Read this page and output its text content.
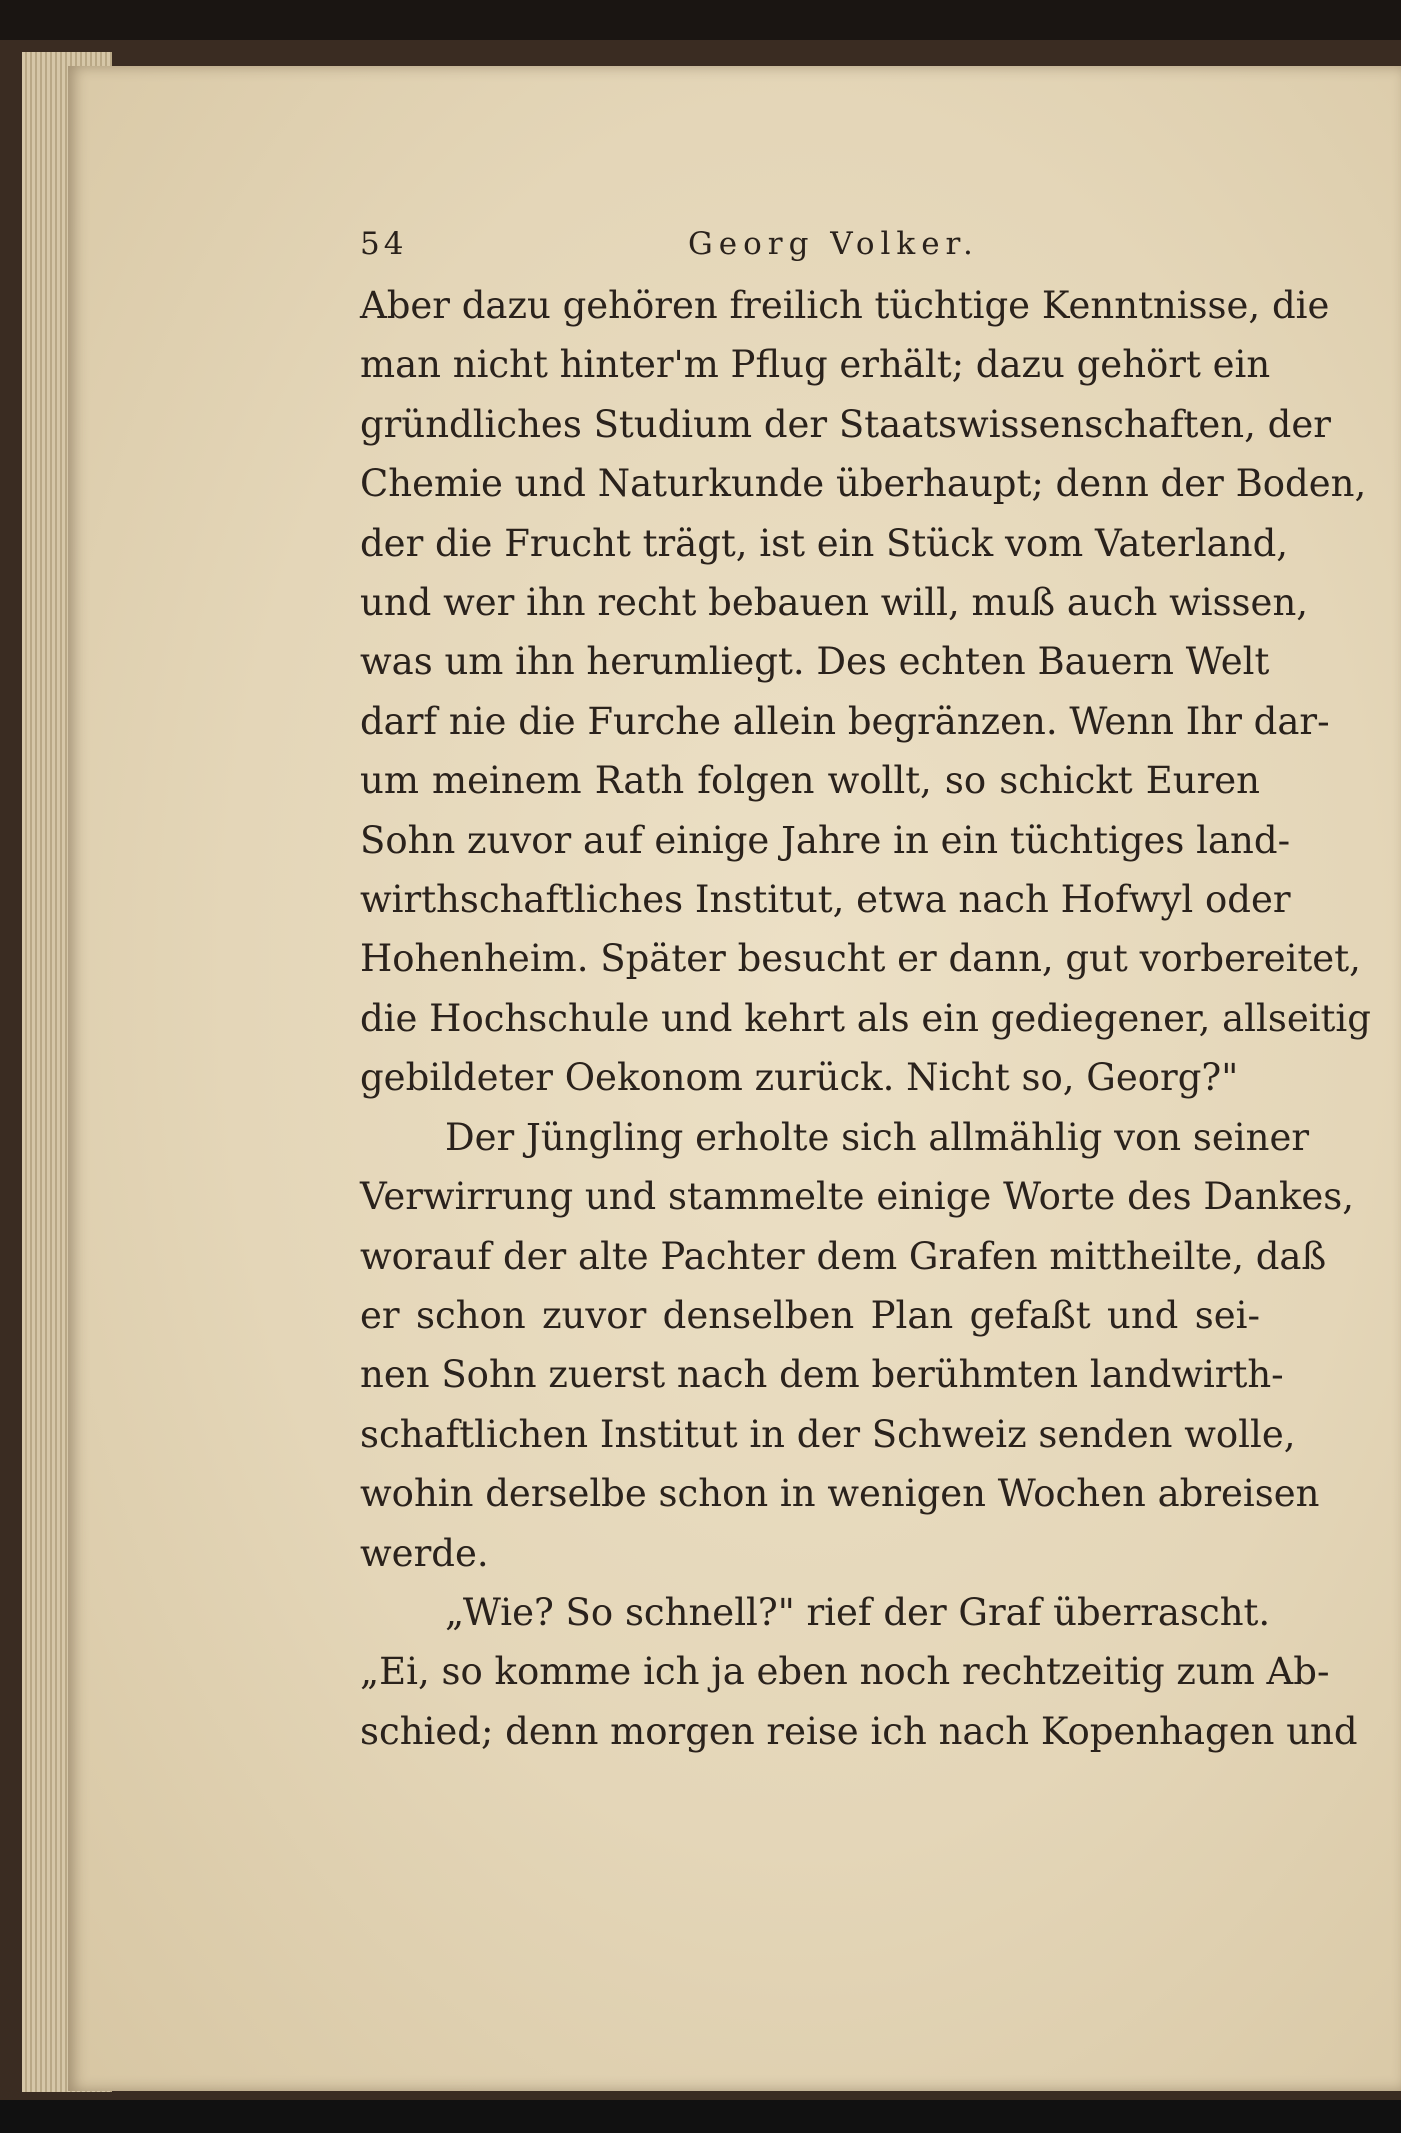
54	Georg Volker.
Aber dazu gehören freilich tüchtige Kenntnisse, die
man nicht hinter'm Pflug erhält; dazu gehört ein
gründliches Studium der Staatswissenschaften, der
Chemie und Naturkunde überhaupt; denn der Boden,
der die Frucht trägt, ist ein Stück vom Vaterland,
und wer ihn recht bebauen will, muß auch wissen,
was um ihn herumliegt. Des echten Bauern Welt
darf nie die Furche allein begränzen. Wenn Ihr dar-
um meinem Rath folgen wollt, so schickt Euren
Sohn zuvor auf einige Jahre in ein tüchtiges land-
wirthschaftliches Institut, etwa nach Hofwyl oder
Hohenheim. Später besucht er dann, gut vorbereitet,
die Hochschule und kehrt als ein gediegener, allseitig
gebildeter Oekonom zurück. Nicht so, Georg?"
Der Jüngling erholte sich allmählig von seiner
Verwirrung und stammelte einige Worte des Dankes,
worauf der alte Pachter dem Grafen mittheilte, daß
er schon zuvor denselben Plan gefaßt und sei-
nen Sohn zuerst nach dem berühmten landwirth-
schaftlichen Institut in der Schweiz senden wolle,
wohin derselbe schon in wenigen Wochen abreisen
werde.
„Wie? So schnell?" rief der Graf überrascht.
„Ei, so komme ich ja eben noch rechtzeitig zum Ab-
schied; denn morgen reise ich nach Kopenhagen und
